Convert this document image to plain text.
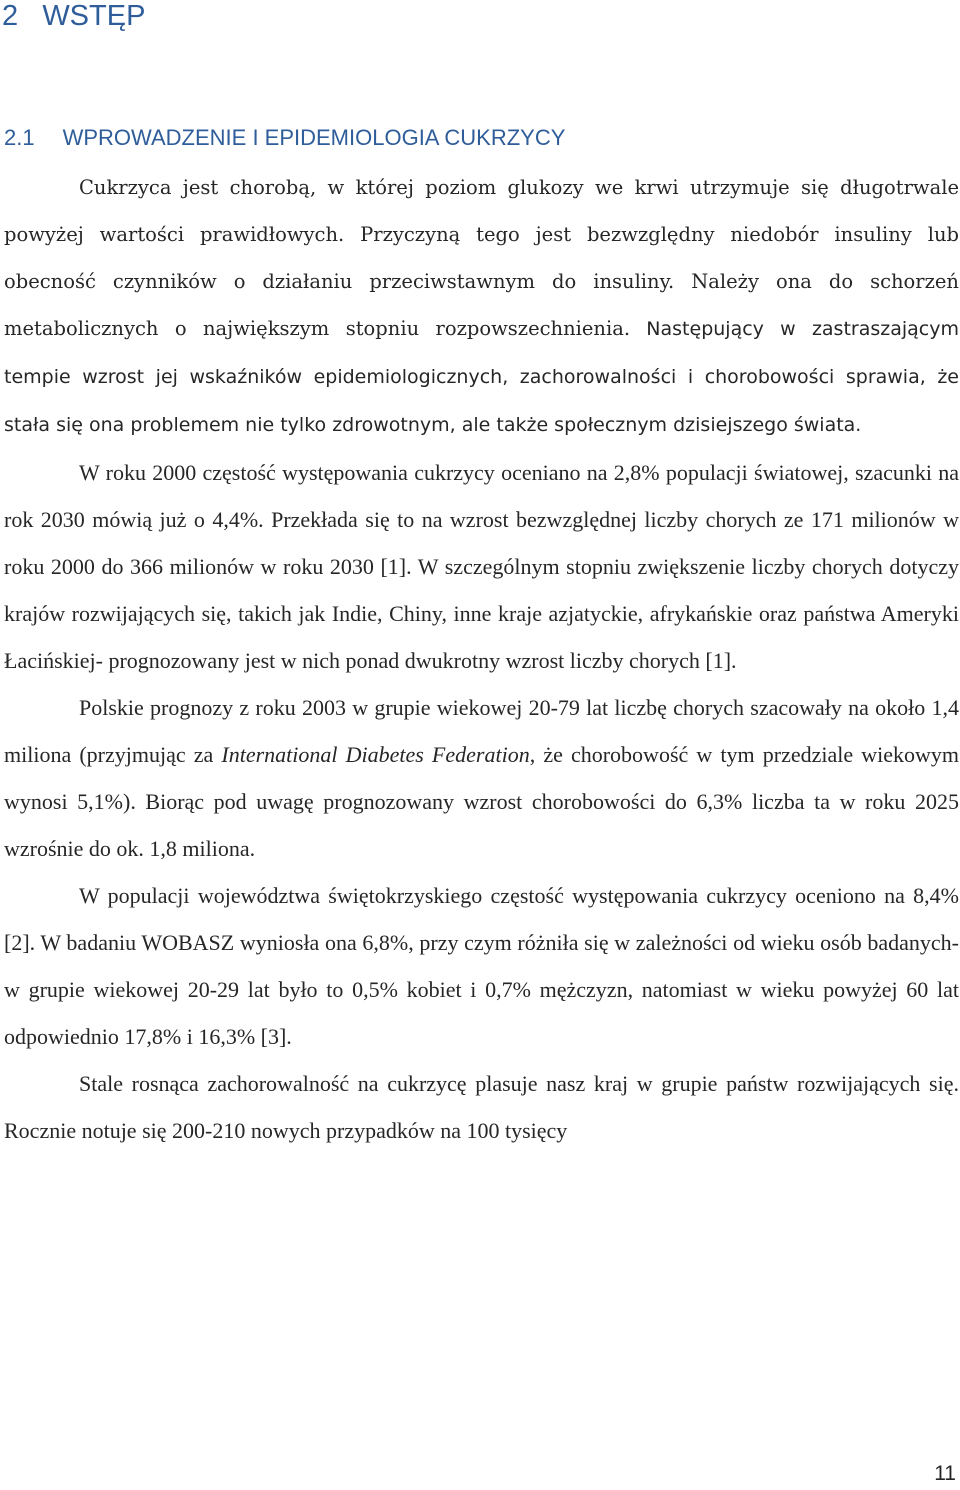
2 WSTĘP
2.1 WPROWADZENIE I EPIDEMIOLOGIA CUKRZYCY

Cukrzyca jest chorobą, w której poziom glukozy we krwi utrzymuje się długotrwale powyżej wartości prawidłowych. Przyczyną tego jest bezwzględny niedobór insuliny lub obecność czynników o działaniu przeciwstawnym do insuliny. Należy ona do schorzeń metabolicznych o największym stopniu rozpowszechnienia. Następujący w zastraszającym tempie wzrost jej wskaźników epidemiologicznych, zachorowalności i chorobowości sprawia, że stała się ona problemem nie tylko zdrowotnym, ale także społecznym dzisiejszego świata.

W roku 2000 częstość występowania cukrzycy oceniano na 2,8% populacji światowej, szacunki na rok 2030 mówią już o 4,4%. Przekłada się to na wzrost bezwzględnej liczby chorych ze 171 milionów w roku 2000 do 366 milionów w roku 2030 [1]. W szczególnym stopniu zwiększenie liczby chorych dotyczy krajów rozwijających się, takich jak Indie, Chiny, inne kraje azjatyckie, afrykańskie oraz państwa Ameryki Łacińskiej- prognozowany jest w nich ponad dwukrotny wzrost liczby chorych [1].

Polskie prognozy z roku 2003 w grupie wiekowej 20-79 lat liczbę chorych szacowały na około 1,4 miliona (przyjmując za International Diabetes Federation, że chorobowość w tym przedziale wiekowym wynosi 5,1%). Biorąc pod uwagę prognozowany wzrost chorobowości do 6,3% liczba ta w roku 2025 wzrośnie do ok. 1,8 miliona.

W populacji województwa świętokrzyskiego częstość występowania cukrzycy oceniono na 8,4% [2]. W badaniu WOBASZ wyniosła ona 6,8%, przy czym różniła się w zależności od wieku osób badanych- w grupie wiekowej 20-29 lat było to 0,5% kobiet i 0,7% mężczyzn, natomiast w wieku powyżej 60 lat odpowiednio 17,8% i 16,3% [3].

Stale rosnąca zachorowalność na cukrzycę plasuje nasz kraj w grupie państw rozwijających się. Rocznie notuje się 200-210 nowych przypadków na 100 tysięcy

11
